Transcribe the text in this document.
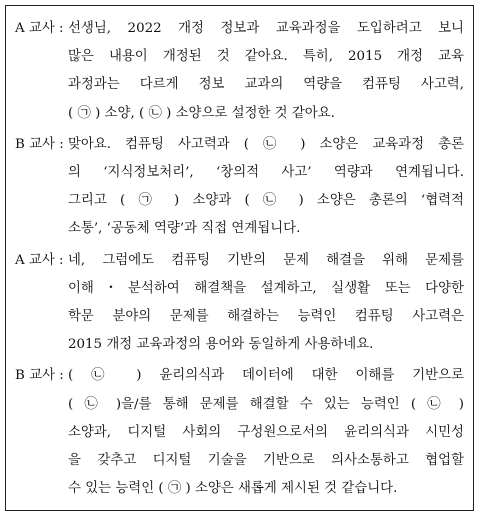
A 교사 : 선생님, 2022 개정 정보과 교육과정을 도입하려고 보니
많은 내용이 개정된 것 같아요. 특히, 2015 개정 교육
과정과는 다르게 정보 교과의 역량을 컴퓨팅 사고력,
( ㉠ ) 소양, ( ㉡ ) 소양으로 설정한 것 같아요.
B 교사 : 맞아요. 컴퓨팅 사고력과 ( ㉡ ) 소양은 교육과정 총론
의 ‘지식정보처리’, ‘창의적 사고’ 역량과 연계됩니다.
그리고 ( ㉠ ) 소양과 ( ㉡ ) 소양은 총론의 ‘협력적
소통’, ‘공동체 역량’과 직접 연계됩니다.
A 교사 : 네, 그럼에도 컴퓨팅 기반의 문제 해결을 위해 문제를
이해・분석하여 해결책을 설계하고, 실생활 또는 다양한
학문 분야의 문제를 해결하는 능력인 컴퓨팅 사고력은
2015 개정 교육과정의 용어와 동일하게 사용하네요.
B 교사 : ( ㉡ ) 윤리의식과 데이터에 대한 이해를 기반으로
( ㉡ )을/를 통해 문제를 해결할 수 있는 능력인 ( ㉡ )
소양과, 디지털 사회의 구성원으로서의 윤리의식과 시민성
을 갖추고 디지털 기술을 기반으로 의사소통하고 협업할
수 있는 능력인 ( ㉠ ) 소양은 새롭게 제시된 것 같습니다.
